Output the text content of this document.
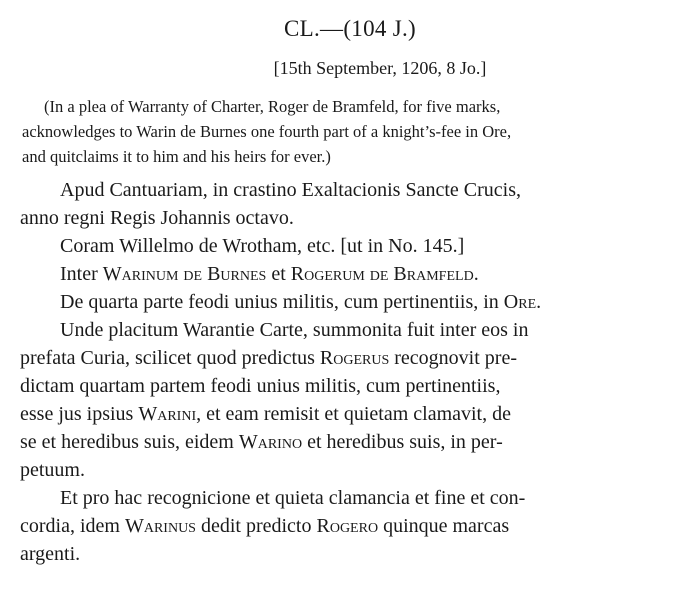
CL.—(104 J.)
[15th September, 1206, 8 Jo.]
(In a plea of Warranty of Charter, Roger de Bramfeld, for five marks,
acknowledges to Warin de Burnes one fourth part of a knight’s-fee in Ore,
and quitclaims it to him and his heirs for ever.)

Apud Cantuariam, in crastino Exaltacionis Sancte Crucis,
anno regni Regis Johannis octavo.

Coram Willelmo de Wrotham, etc. [ut in No. 145.]

Inter Warinum de Burnes et Rogerum de Bramfeld.

De quarta parte feodi unius militis, cum pertinentiis, in Ore.

Unde placitum Warantie Carte, summonita fuit inter eos in
prefata Curia, scilicet quod predictus Rogerus recognovit pre-
dictam quartam partem feodi unius militis, cum pertinentiis,
esse jus ipsius Warini, et eam remisit et quietam clamavit, de
se et heredibus suis, eidem Warino et heredibus suis, in per-
petuum.

Et pro hac recognicione et quieta clamancia et fine et con-
cordia, idem Warinus dedit predicto Rogero quinque marcas
argenti.
